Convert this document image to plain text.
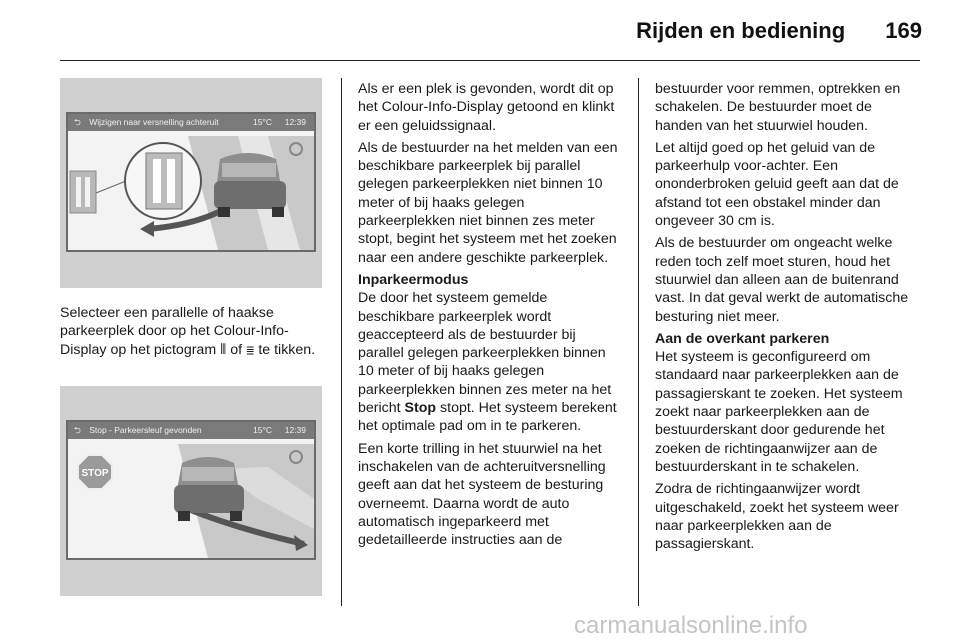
Rijden en bediening 169
⮌ Wijzigen naar versnelling achteruit	15°C 12:39
⮌ Stop - Parkeersleuf gevonden	15°C 12:39
STOP

Selecteer een parallelle of haakse parkeerplek door op het Colour-Info-Display op het pictogram ⦀ of ≣ te tikken.

Als er een plek is gevonden, wordt dit op het Colour-Info-Display getoond en klinkt er een geluidssignaal.

Als de bestuurder na het melden van een beschikbare parkeerplek bij parallel gelegen parkeerplekken niet binnen 10 meter of bij haaks gelegen parkeerplekken niet binnen zes meter stopt, begint het systeem met het zoeken naar een andere geschikte parkeerplek.

Inparkeermodus

De door het systeem gemelde beschikbare parkeerplek wordt geaccepteerd als de bestuurder bij parallel gelegen parkeerplekken binnen 10 meter of bij haaks gelegen parkeerplekken binnen zes meter na het bericht Stop stopt. Het systeem berekent het optimale pad om in te parkeren.

Een korte trilling in het stuurwiel na het inschakelen van de achteruitversnelling geeft aan dat het systeem de besturing overneemt. Daarna wordt de auto automatisch ingeparkeerd met gedetailleerde instructies aan de

bestuurder voor remmen, optrekken en schakelen. De bestuurder moet de handen van het stuurwiel houden.

Let altijd goed op het geluid van de parkeerhulp voor-achter. Een ononderbroken geluid geeft aan dat de afstand tot een obstakel minder dan ongeveer 30 cm is.

Als de bestuurder om ongeacht welke reden toch zelf moet sturen, houd het stuurwiel dan alleen aan de buitenrand vast. In dat geval werkt de automatische besturing niet meer.

Aan de overkant parkeren

Het systeem is geconfigureerd om standaard naar parkeerplekken aan de passagierskant te zoeken. Het systeem zoekt naar parkeerplekken aan de bestuurderskant door gedurende het zoeken de richtingaanwijzer aan de bestuurderskant in te schakelen.

Zodra de richtingaanwijzer wordt uitgeschakeld, zoekt het systeem weer naar parkeerplekken aan de passagierskant.

carmanualsonline.info
